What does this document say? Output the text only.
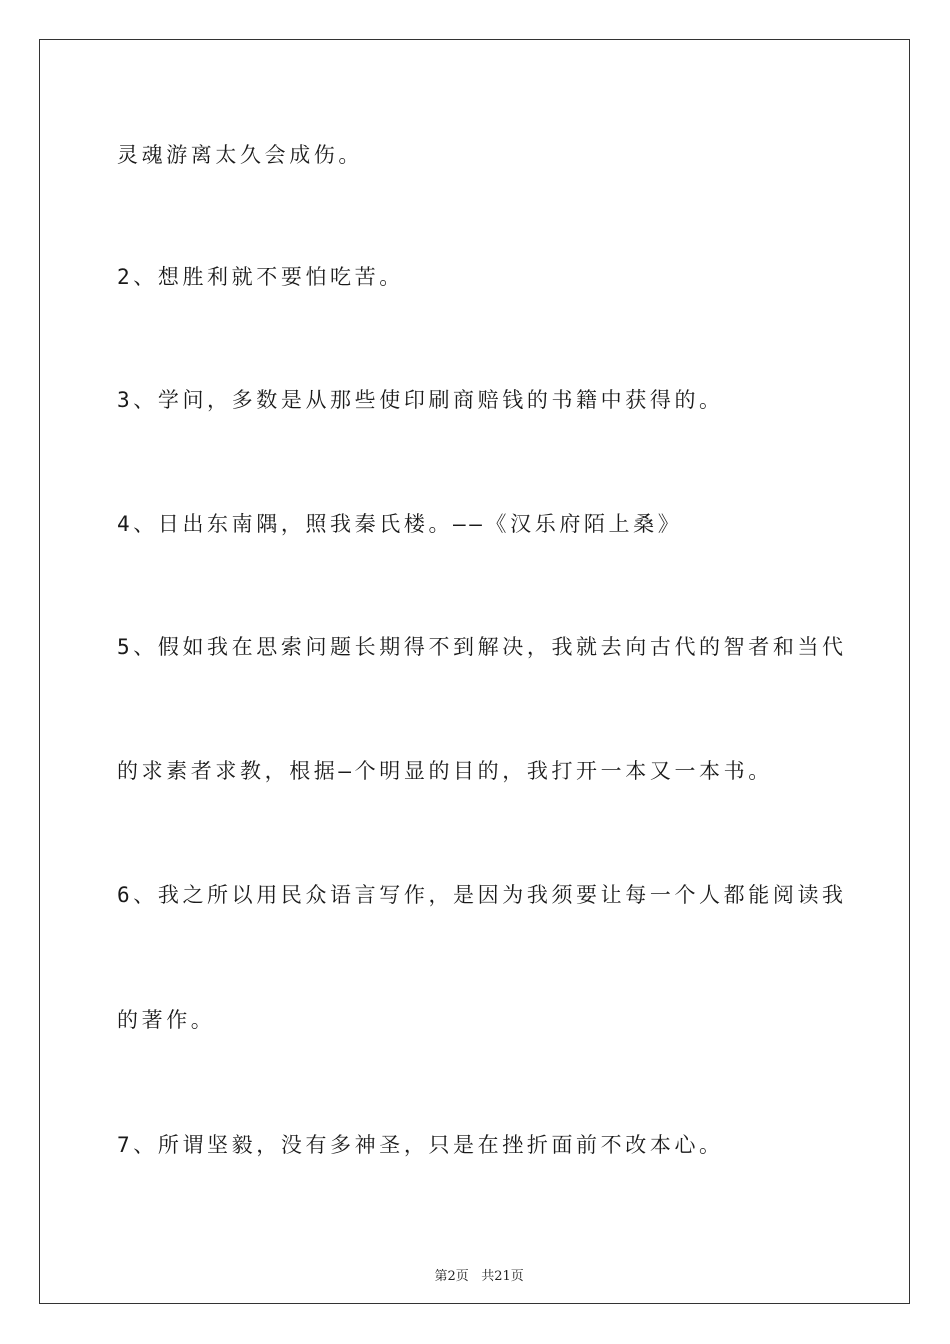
灵魂游离太久会成伤。
2、想胜利就不要怕吃苦。
3、学问，多数是从那些使印刷商赔钱的书籍中获得的。
4、日出东南隅，照我秦氏楼。——《汉乐府陌上桑》
5、假如我在思索问题长期得不到解决，我就去向古代的智者和当代
的求素者求教，根据—个明显的目的，我打开一本又一本书。
6、我之所以用民众语言写作，是因为我须要让每一个人都能阅读我
的著作。
7、所谓坚毅，没有多神圣，只是在挫折面前不改本心。

第2页 共21页
